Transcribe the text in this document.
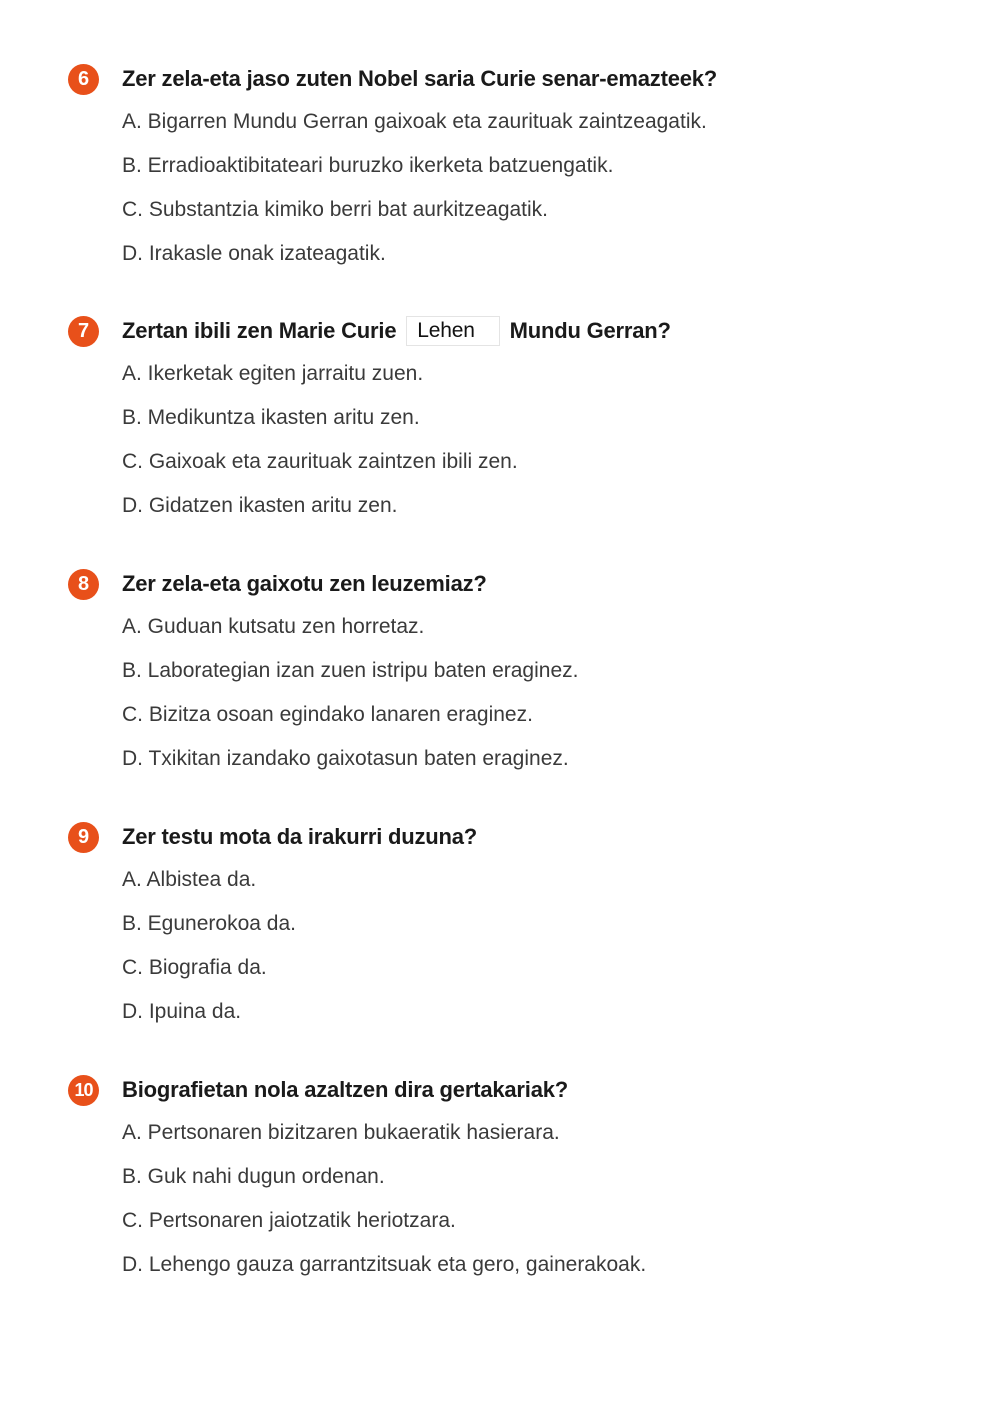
6	Zer zela-eta jaso zuten Nobel saria Curie senar-emazteek?
A. Bigarren Mundu Gerran gaixoak eta zaurituak zaintzeagatik.
B. Erradioaktibitateari buruzko ikerketa batzuengatik.
C. Substantzia kimiko berri bat aurkitzeagatik.
D. Irakasle onak izateagatik.
7	Zertan ibili zen Marie Curie Lehen Mundu Gerran?
A. Ikerketak egiten jarraitu zuen.
B. Medikuntza ikasten aritu zen.
C. Gaixoak eta zaurituak zaintzen ibili zen.
D. Gidatzen ikasten aritu zen.
8	Zer zela-eta gaixotu zen leuzemiaz?
A. Guduan kutsatu zen horretaz.
B. Laborategian izan zuen istripu baten eraginez.
C. Bizitza osoan egindako lanaren eraginez.
D. Txikitan izandako gaixotasun baten eraginez.
9	Zer testu mota da irakurri duzuna?
A. Albistea da.
B. Egunerokoa da.
C. Biografia da.
D. Ipuina da.
10 Biografietan nola azaltzen dira gertakariak?
A. Pertsonaren bizitzaren bukaeratik hasierara.
B. Guk nahi dugun ordenan.
C. Pertsonaren jaiotzatik heriotzara.
D. Lehengo gauza garrantzitsuak eta gero, gainerakoak.
